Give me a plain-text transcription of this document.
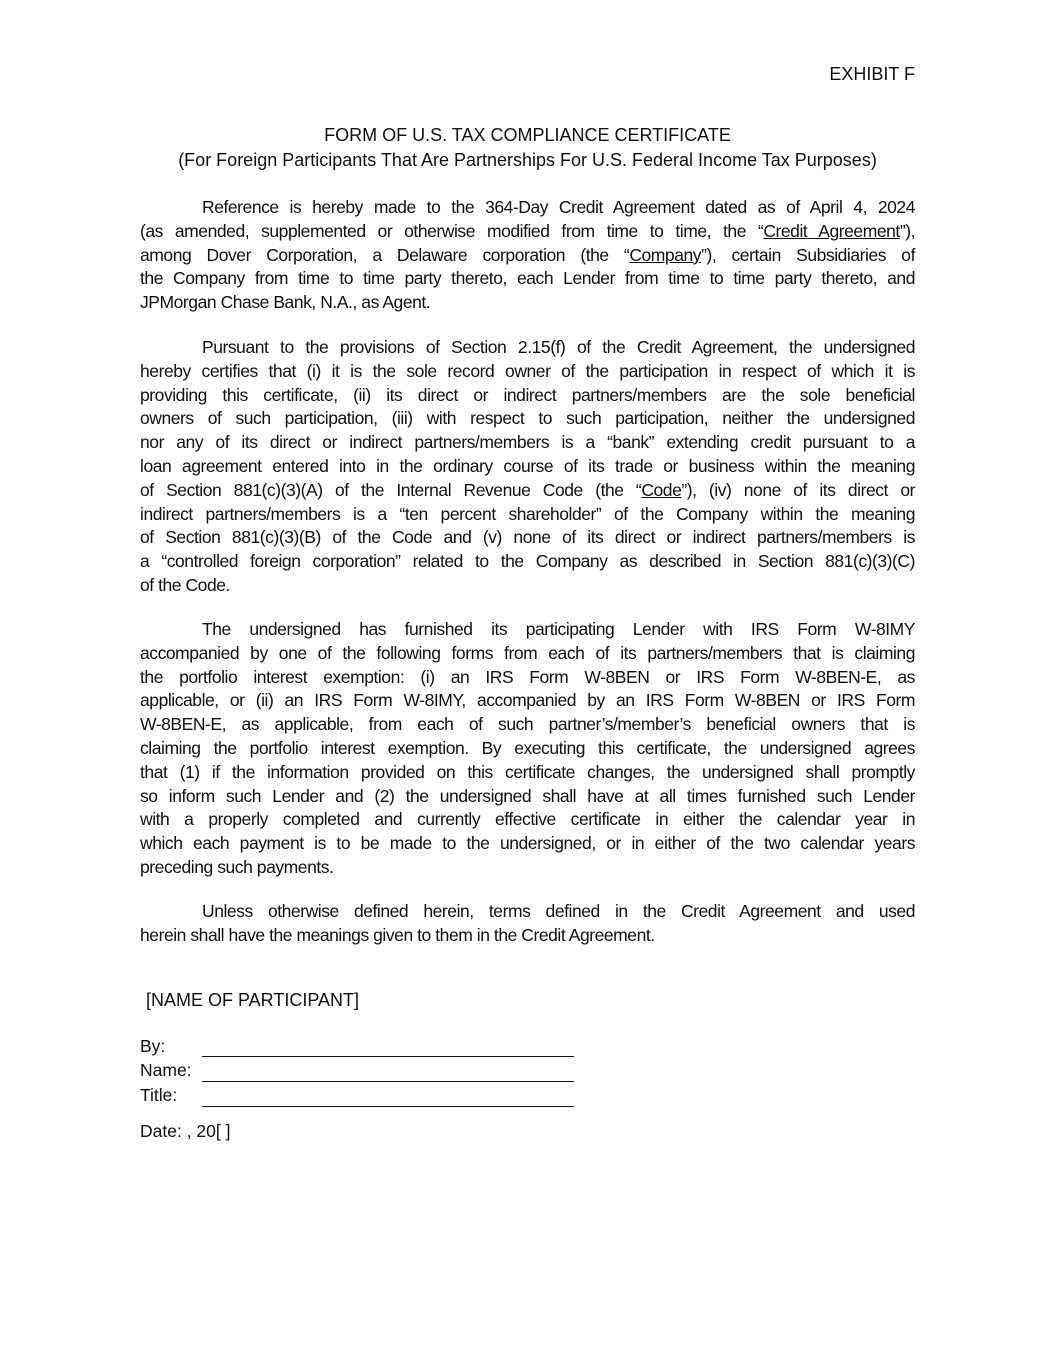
EXHIBIT F
FORM OF U.S. TAX COMPLIANCE CERTIFICATE
(For Foreign Participants That Are Partnerships For U.S. Federal Income Tax Purposes)
Reference is hereby made to the 364-Day Credit Agreement dated as of April 4, 2024
(as amended, supplemented or otherwise modified from time to time, the “Credit Agreement”),
among Dover Corporation, a Delaware corporation (the “Company”), certain Subsidiaries of
the Company from time to time party thereto, each Lender from time to time party thereto, and
JPMorgan Chase Bank, N.A., as Agent.
Pursuant to the provisions of Section 2.15(f) of the Credit Agreement, the undersigned
hereby certifies that (i) it is the sole record owner of the participation in respect of which it is
providing this certificate, (ii) its direct or indirect partners/members are the sole beneficial
owners of such participation, (iii) with respect to such participation, neither the undersigned
nor any of its direct or indirect partners/members is a “bank” extending credit pursuant to a
loan agreement entered into in the ordinary course of its trade or business within the meaning
of Section 881(c)(3)(A) of the Internal Revenue Code (the “Code”), (iv) none of its direct or
indirect partners/members is a “ten percent shareholder” of the Company within the meaning
of Section 881(c)(3)(B) of the Code and (v) none of its direct or indirect partners/members is
a “controlled foreign corporation” related to the Company as described in Section 881(c)(3)(C)
of the Code.
The undersigned has furnished its participating Lender with IRS Form W-8IMY
accompanied by one of the following forms from each of its partners/members that is claiming
the portfolio interest exemption: (i) an IRS Form W-8BEN or IRS Form W-8BEN-E, as
applicable, or (ii) an IRS Form W-8IMY, accompanied by an IRS Form W-8BEN or IRS Form
W-8BEN-E, as applicable, from each of such partner’s/member’s beneficial owners that is
claiming the portfolio interest exemption. By executing this certificate, the undersigned agrees
that (1) if the information provided on this certificate changes, the undersigned shall promptly
so inform such Lender and (2) the undersigned shall have at all times furnished such Lender
with a properly completed and currently effective certificate in either the calendar year in
which each payment is to be made to the undersigned, or in either of the two calendar years
preceding such payments.
Unless otherwise defined herein, terms defined in the Credit Agreement and used
herein shall have the meanings given to them in the Credit Agreement.
[NAME OF PARTICIPANT]
By:
Name:
Title:
Date: , 20[ ]
